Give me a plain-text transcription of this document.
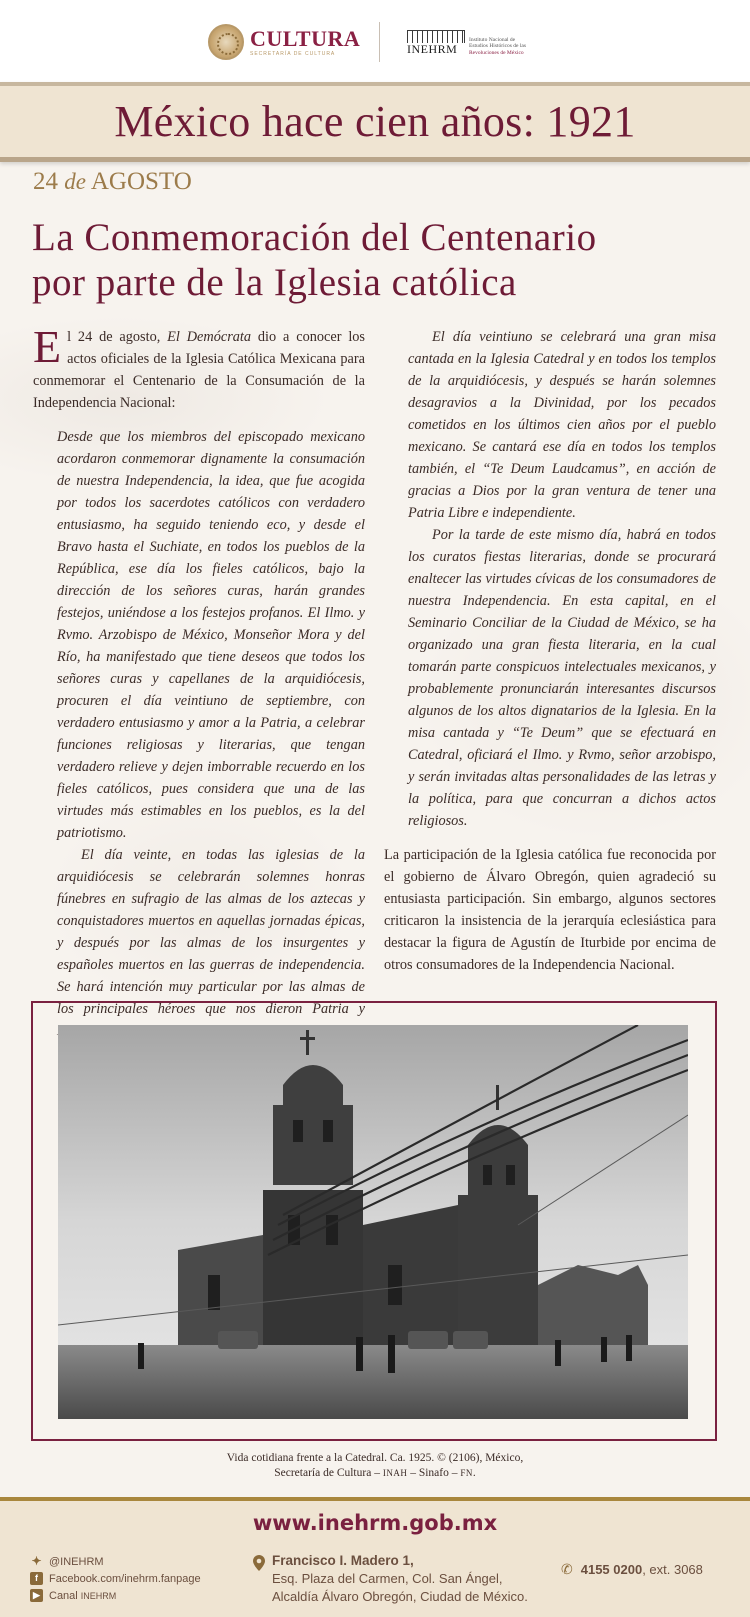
CULTURA
SECRETARÍA DE CULTURA	INEHRM
Instituto Nacional de
Estudios Históricos de las
Revoluciones de México
México hace cien años: 1921
24 de AGOSTO
La Conmemoración del Centenario
por parte de la Iglesia católica

El 24 de agosto, El Demócrata dio a conocer los actos oficiales de la Iglesia Católica Mexicana para conmemorar el Centenario de la Consumación de la Independencia Nacional:

Desde que los miembros del episcopado mexicano acordaron conmemorar dignamente la consumación de nuestra Independencia, la idea, que fue acogida por todos los sacerdotes católicos con verdadero entusiasmo, ha seguido teniendo eco, y desde el Bravo hasta el Suchiate, en todos los pueblos de la República, ese día los fieles católicos, bajo la dirección de los señores curas, harán grandes festejos, uniéndose a los festejos profanos. El Ilmo. y Rvmo. Arzobispo de México, Monseñor Mora y del Río, ha manifestado que tiene deseos que todos los señores curas y capellanes de la arquidiócesis, procuren el día veintiuno de septiembre, con verdadero entusiasmo y amor a la Patria, a celebrar funciones religiosas y literarias, que tengan verdadero relieve y dejen imborrable recuerdo en los fieles católicos, pues considera que una de las virtudes más estimables en los pueblos, es la del patriotismo.

El día veinte, en todas las iglesias de la arquidiócesis se celebrarán solemnes honras fúnebres en sufragio de las almas de los aztecas y conquistadores muertos en aquellas jornadas épicas, y después por las almas de los insurgentes y españoles muertos en las guerras de independencia. Se hará intención muy particular por las almas de los principales héroes que nos dieron Patria y

El día veintiuno se celebrará una gran misa cantada en la Iglesia Catedral y en todos los templos de la arquidiócesis, y después se harán solemnes desagravios a la Divinidad, por los pecados cometidos en los últimos cien años por el pueblo mexicano. Se cantará ese día en todos los templos también, el “Te Deum Laudcamus”, en acción de gracias a Dios por la gran ventura de tener una Patria Libre e independiente.

Por la tarde de este mismo día, habrá en todos los curatos fiestas literarias, donde se procurará enaltecer las virtudes cívicas de los consumadores de nuestra Independencia. En esta capital, en el Seminario Conciliar de la Ciudad de México, se ha organizado una gran fiesta literaria, en la cual tomarán parte conspicuos intelectuales mexicanos, y probablemente pronunciarán interesantes discursos algunos de los altos dignatarios de la Iglesia. En la misa cantada y “Te Deum” que se efectuará en Catedral, oficiará el Ilmo. y Rvmo, señor arzobispo, y serán invitadas altas personalidades de las letras y la política, para que concurran a dichos actos religiosos.

La participación de la Iglesia católica fue reconocida por el gobierno de Álvaro Obregón, quien agradeció su entusiasta participación. Sin embargo, algunos sectores criticaron la insistencia de la jerarquía eclesiástica para destacar la figura de Agustín de Iturbide por encima de otros consumadores de la Independencia Nacional.

Vida cotidiana frente a la Catedral. Ca. 1925. © (2106), México,
Secretaría de Cultura – INAH – Sinafo – FN.
www.inehrm.gob.mx
✦ @INEHRM
f	Facebook.com/inehrm.fanpage
▶ Canal INEHRM
Francisco I. Madero 1,
Esq. Plaza del Carmen, Col. San Ángel,
Alcaldía Álvaro Obregón, Ciudad de México.
✆ 4155 0200 , ext. 3068
